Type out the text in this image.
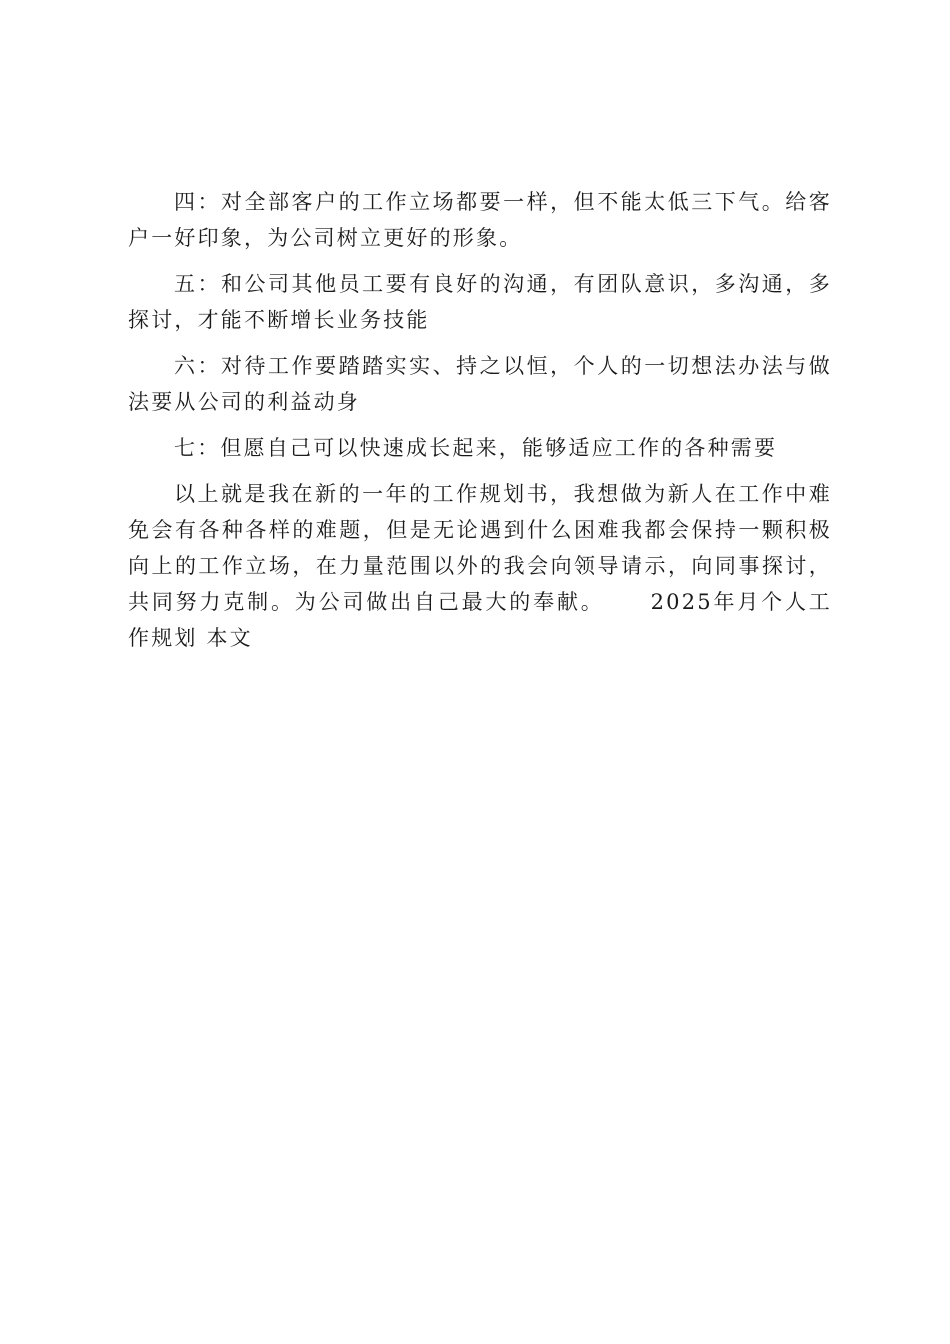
四：对全部客户的工作立场都要一样，但不能太低三下气。给客户一好印象，为公司树立更好的形象。

五：和公司其他员工要有良好的沟通，有团队意识，多沟通，多探讨，才能不断增长业务技能

六：对待工作要踏踏实实、持之以恒，个人的一切想法办法与做法要从公司的利益动身

七：但愿自己可以快速成长起来，能够适应工作的各种需要

以上就是我在新的一年的工作规划书，我想做为新人在工作中难免会有各种各样的难题，但是无论遇到什么困难我都会保持一颗积极向上的工作立场，在力量范围以外的我会向领导请示，向同事探讨，共同努力克制。为公司做出自己最大的奉献。 2025年月个人工作规划 本文
